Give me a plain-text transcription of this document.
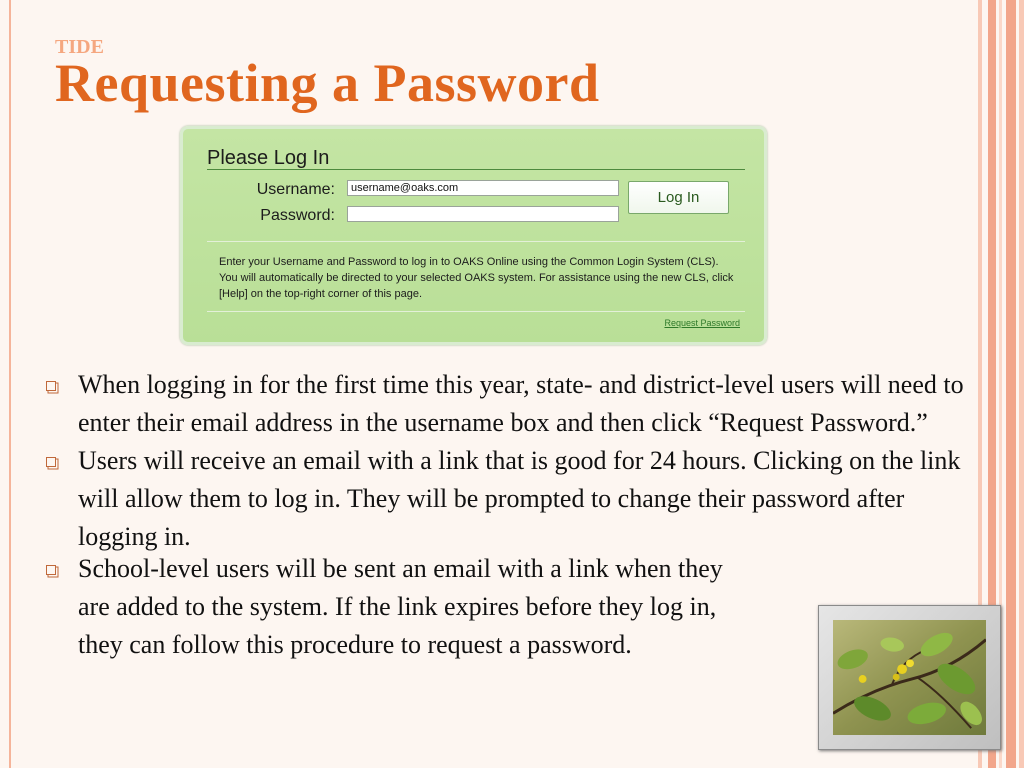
TIDE
Requesting a Password
Please Log In
Username:
Password:
username@oaks.com
Log In
Enter your Username and Password to log in to OAKS Online using the Common Login System (CLS). You will automatically be directed to your selected OAKS system. For assistance using the new CLS, click [Help] on the top-right corner of this page.
Request Password
When logging in for the first time this year, state- and district-level users will need to enter their email address in the username box and then click “Request Password.”
Users will receive an email with a link that is good for 24 hours. Clicking on the link will allow them to log in. They will be prompted to change their password after logging in.
School-level users will be sent an email with a link when they are added to the system. If the link expires before they log in, they can follow this procedure to request a password.
